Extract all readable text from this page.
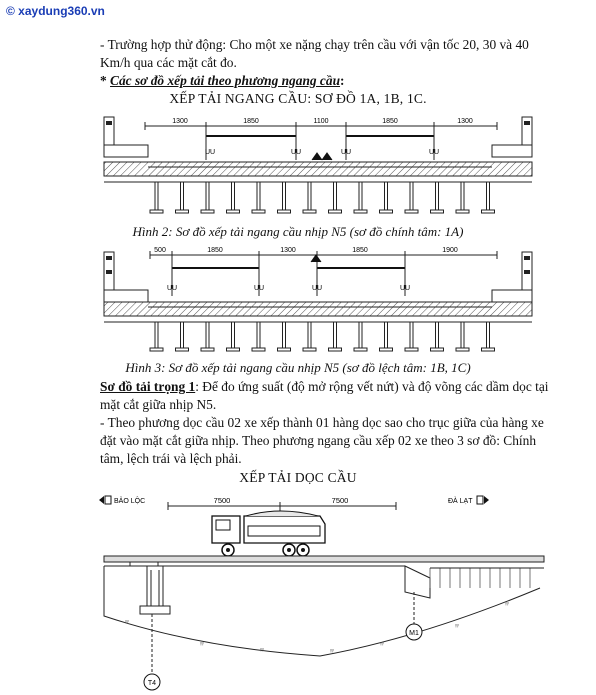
© xaydung360.vn
- Trường hợp thử động: Cho một xe nặng chạy trên cầu với vận tốc 20, 30 và 40
Km/h qua các mặt cắt đo.
* Các sơ đồ xếp tải theo phương ngang cầu:
XẾP TẢI NGANG CẦU: SƠ ĐỒ 1A, 1B, 1C.
1300	1850	1100	1850	1300
UU	UU	UU	UU
Hình 2: Sơ đồ xếp tải ngang cầu nhịp N5 (sơ đồ chính tâm: 1A)
500	1850	1300	1850	1900
UU	UU	UU	UU
Hình 3: Sơ đồ xếp tải ngang cầu nhịp N5 (sơ đồ lệch tâm: 1B, 1C)
Sơ đồ tải trọng 1: Để đo ứng suất (độ mở rộng vết nứt) và độ võng các dầm dọc tại
mặt cắt giữa nhịp N5.
- Theo phương dọc cầu 02 xe xếp thành 01 hàng dọc sao cho trục giữa của hàng xe
đặt vào mặt cắt giữa nhịp. Theo phương ngang cầu xếp 02 xe theo 3 sơ đồ: Chính
tâm, lệch trái và lệch phải.
XẾP TẢI DỌC CẦU
BẢO LỘC	ĐÀ LẠT
7500	7500
ᵞᵞ
ᵞᵞ
ᵞᵞ	ᵞᵞ
ᵞᵞ
ᵞᵞ
ᵞᵞ
T4
M1
